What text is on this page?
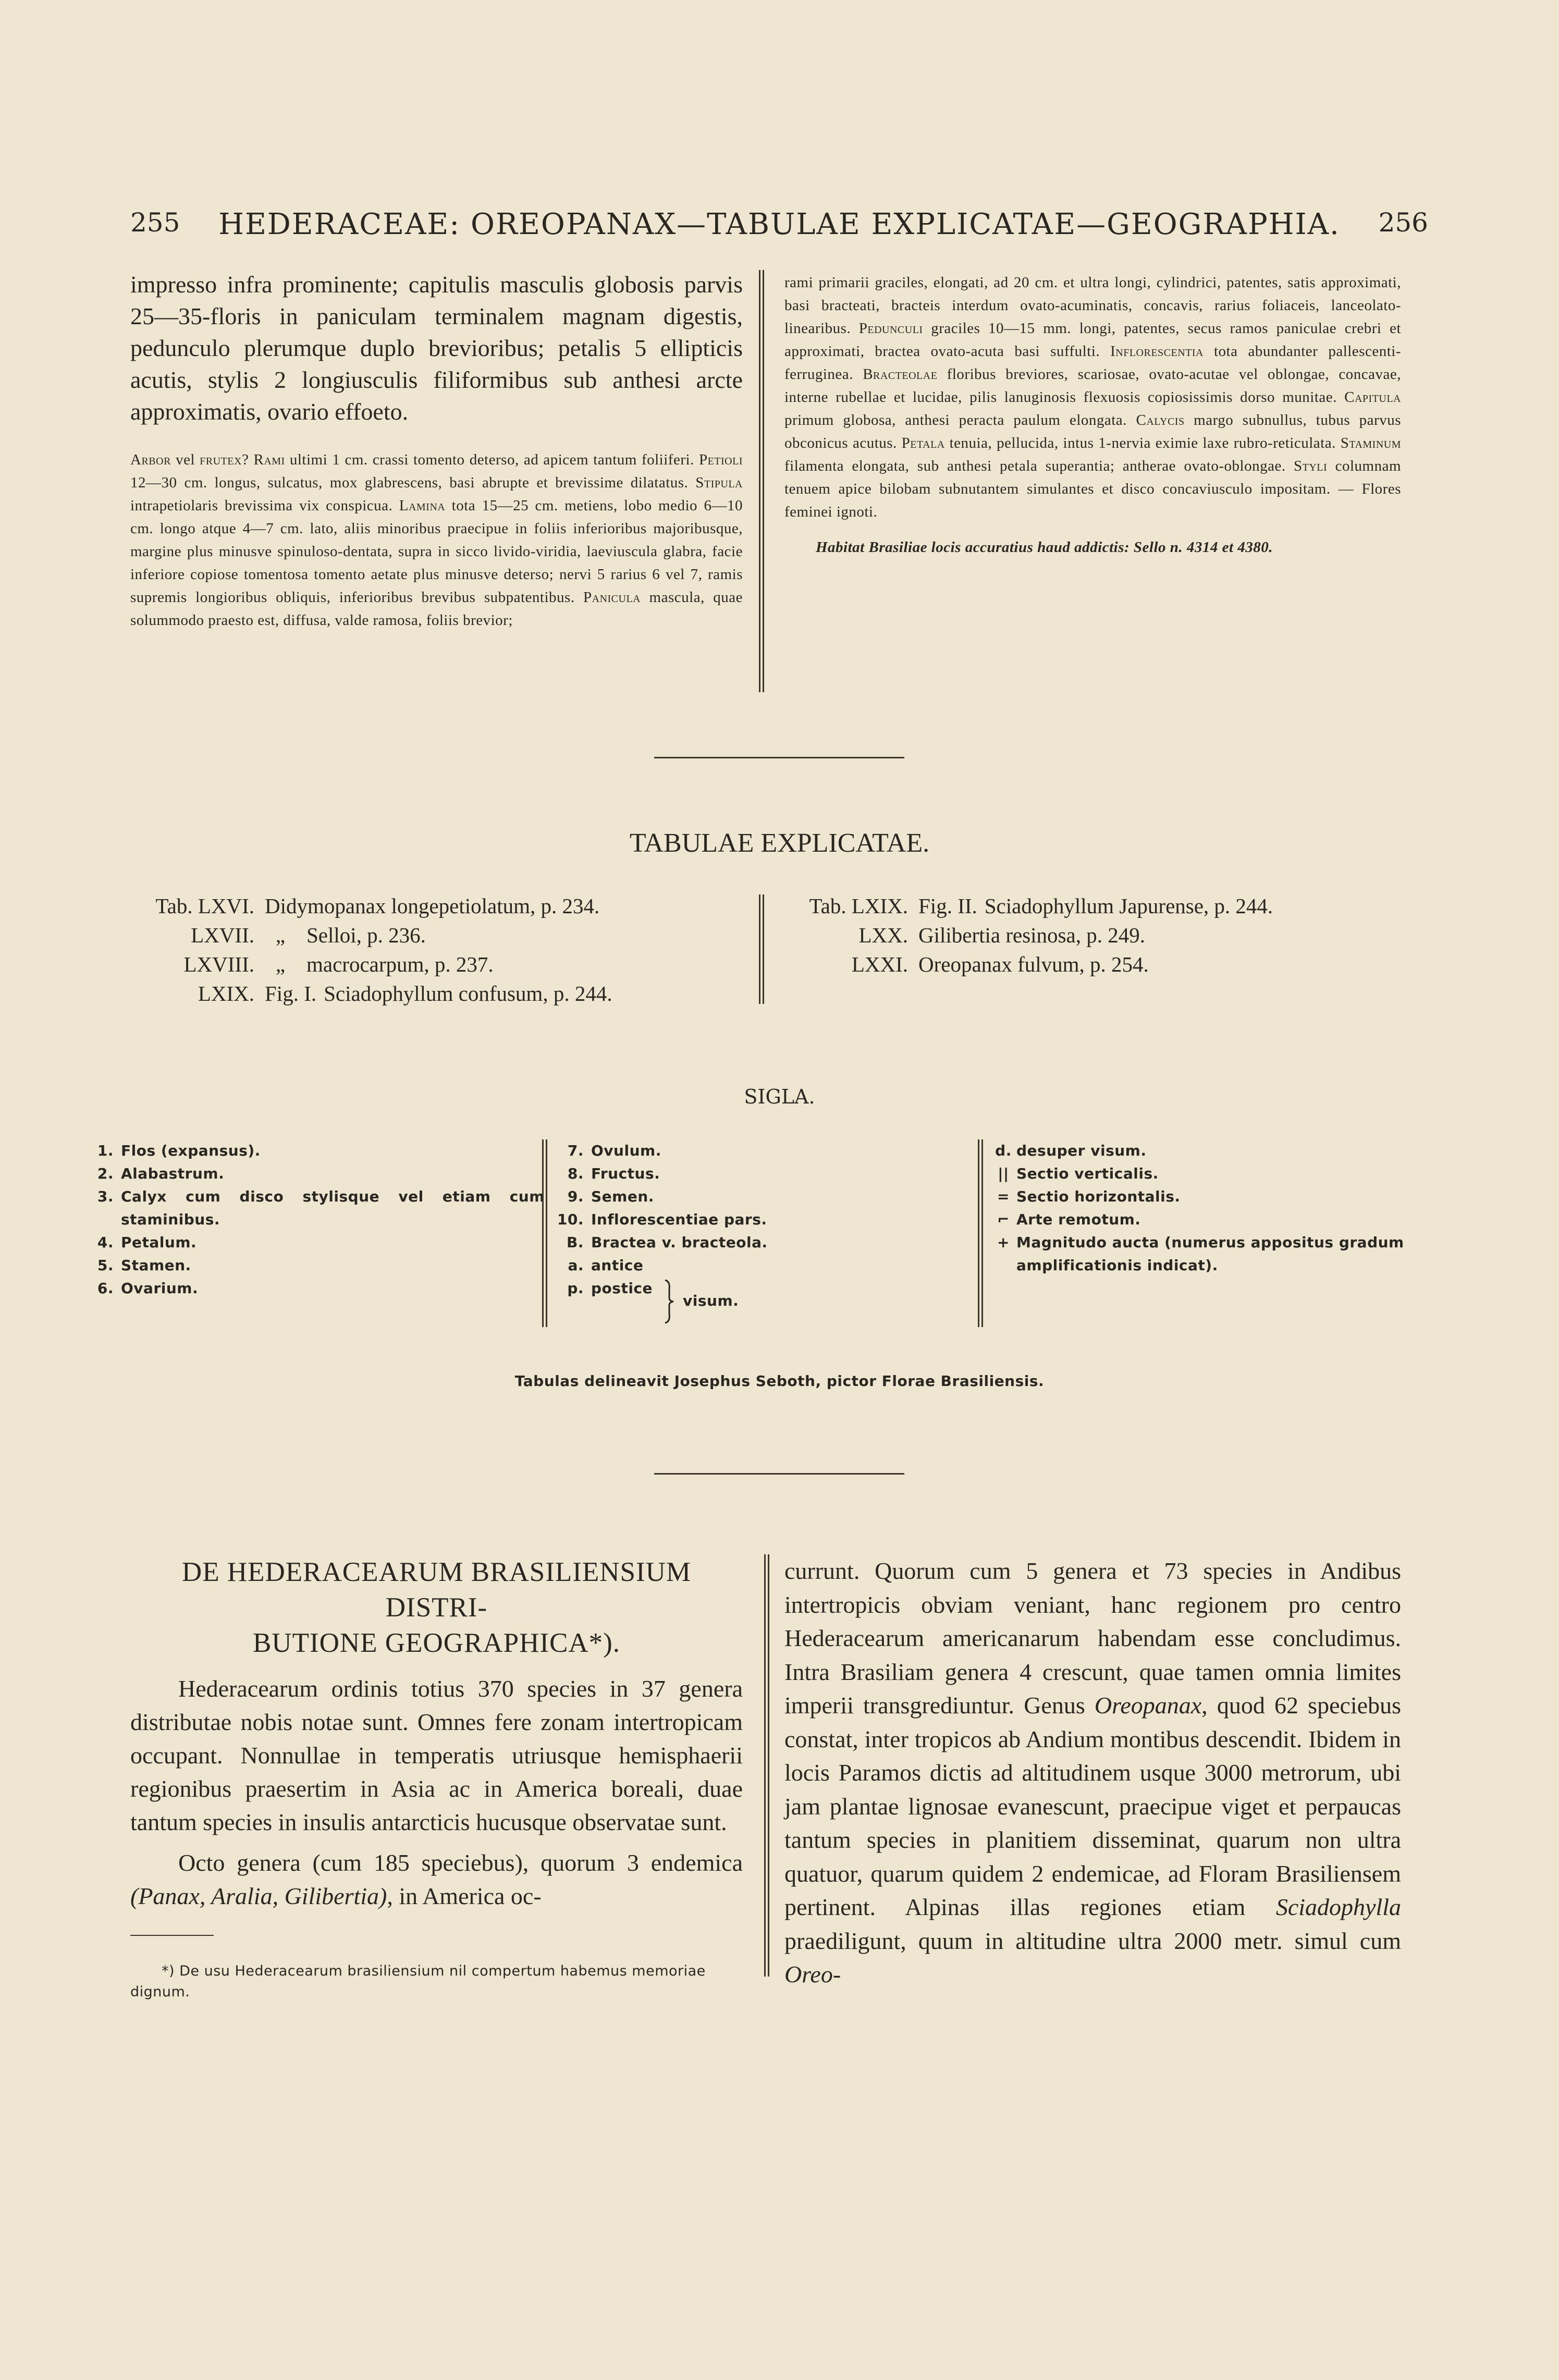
255	HEDERACEAE: OREOPANAX—TABULAE EXPLICATAE—GEOGRAPHIA.	256

impresso infra prominente; capitulis masculis globosis parvis 25—35-floris in paniculam terminalem magnam digestis, pedunculo plerumque duplo brevioribus; petalis 5 ellipticis acutis, stylis 2 longiusculis filiformibus sub anthesi arcte approximatis, ovario effoeto.

Arbor vel frutex? Rami ultimi 1 cm. crassi tomento deterso, ad apicem tantum foliiferi. Petioli 12—30 cm. longus, sulcatus, mox glabrescens, basi abrupte et brevissime dilatatus. Stipula intrapetiolaris brevissima vix conspicua. Lamina tota 15—25 cm. metiens, lobo medio 6—10 cm. longo atque 4—7 cm. lato, aliis minoribus praecipue in foliis inferioribus majoribusque, margine plus minusve spinuloso-dentata, supra in sicco livido-viridia, laeviuscula glabra, facie inferiore copiose tomentosa tomento aetate plus minusve deterso; nervi 5 rarius 6 vel 7, ramis supremis longioribus obliquis, inferioribus brevibus subpatentibus. Panicula mascula, quae solummodo praesto est, diffusa, valde ramosa, foliis brevior;

rami primarii graciles, elongati, ad 20 cm. et ultra longi, cylindrici, patentes, satis approximati, basi bracteati, bracteis interdum ovato-acuminatis, concavis, rarius foliaceis, lanceolato-linearibus. Pedunculi graciles 10—15 mm. longi, patentes, secus ramos paniculae crebri et approximati, bractea ovato-acuta basi suffulti. Inflorescentia tota abundanter pallescenti-ferruginea. Bracteolae floribus breviores, scariosae, ovato-acutae vel oblongae, concavae, interne rubellae et lucidae, pilis lanuginosis flexuosis copiosissimis dorso munitae. Capitula primum globosa, anthesi peracta paulum elongata. Calycis margo subnullus, tubus parvus obconicus acutus. Petala tenuia, pellucida, intus 1-nervia eximie laxe rubro-reticulata. Staminum filamenta elongata, sub anthesi petala superantia; antherae ovato-oblongae. Styli columnam tenuem apice bilobam subnutantem simulantes et disco concaviusculo impositam. — Flores feminei ignoti.

Habitat Brasiliae locis accuratius haud addictis: Sello n. 4314 et 4380.

TABULAE EXPLICATAE.
Tab. LXVI. Didymopanax longepetiolatum, p. 234.
LXVII. „ Selloi, p. 236.
LXVIII. „ macrocarpum, p. 237.
LXIX. Fig. I. Sciadophyllum confusum, p. 244.
Tab. LXIX. Fig. II. Sciadophyllum Japurense, p. 244.
LXX. Gilibertia resinosa, p. 249.
LXXI. Oreopanax fulvum, p. 254.
SIGLA.
1. Flos (expansus).
2. Alabastrum.
3. Calyx cum disco stylisque vel etiam cum
staminibus.
4. Petalum.
5. Stamen.
6. Ovarium.
7. Ovulum.
8. Fructus.
9. Semen.
10. Inflorescentiae pars.
B. Bractea v. bracteola.
a. antice
p. postice
visum.
d. desuper visum.
|| Sectio verticalis.
= Sectio horizontalis.
⌐ Arte remotum.
+ Magnitudo aucta (numerus appositus gradum
amplificationis indicat).
Tabulas delineavit Josephus Seboth, pictor Florae Brasiliensis.
DE HEDERACEARUM BRASILIENSIUM DISTRI-
BUTIONE GEOGRAPHICA*).

Hederacearum ordinis totius 370 species in 37 genera distributae nobis notae sunt. Omnes fere zonam intertropicam occupant. Nonnullae in temperatis utriusque hemisphaerii regionibus praesertim in Asia ac in America boreali, duae tantum species in insulis antarcticis hucusque observatae sunt.

Octo genera (cum 185 speciebus), quorum 3 endemica (Panax, Aralia, Gilibertia), in America oc-

*) De usu Hederacearum brasiliensium nil compertum habemus memoriae dignum.

currunt. Quorum cum 5 genera et 73 species in Andibus intertropicis obviam veniant, hanc regionem pro centro Hederacearum americanarum habendam esse concludimus. Intra Brasiliam genera 4 crescunt, quae tamen omnia limites imperii transgrediuntur. Genus Oreopanax, quod 62 speciebus constat, inter tropicos ab Andium montibus descendit. Ibidem in locis Paramos dictis ad altitudinem usque 3000 metrorum, ubi jam plantae lignosae evanescunt, praecipue viget et perpaucas tantum species in planitiem disseminat, quarum non ultra quatuor, quarum quidem 2 endemicae, ad Floram Brasiliensem pertinent. Alpinas illas regiones etiam Sciadophylla praediligunt, quum in altitudine ultra 2000 metr. simul cum Oreo-
